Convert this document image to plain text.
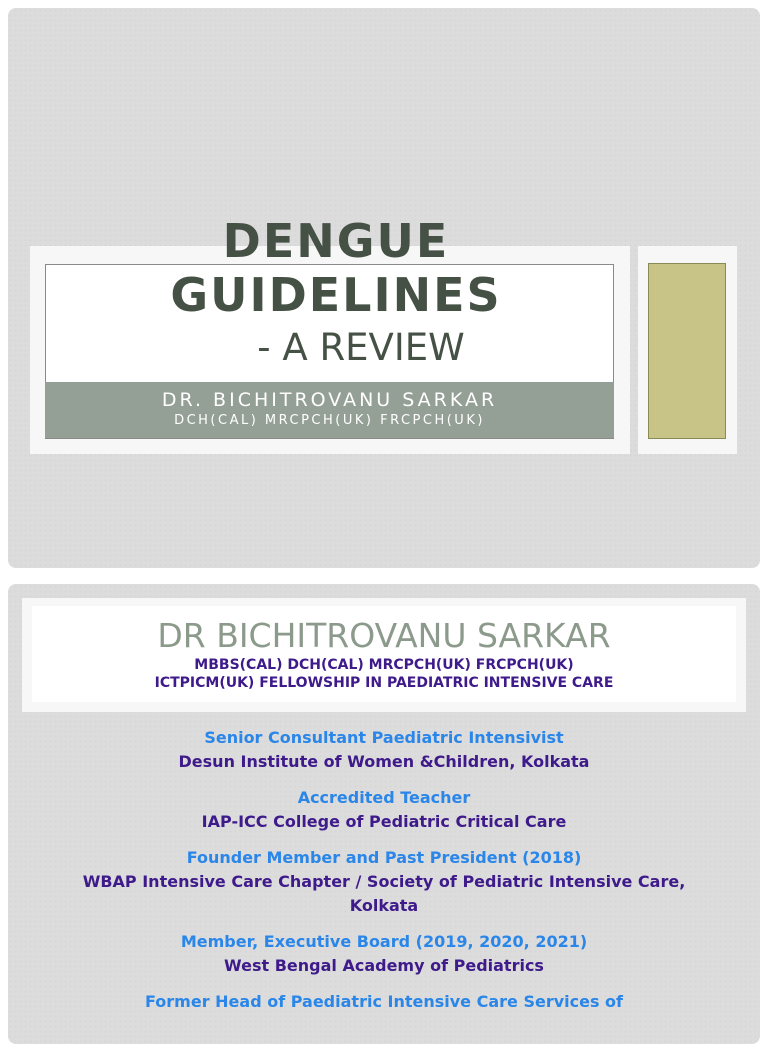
DR. BICHITROVANU SARKAR
DCH(CAL) MRCPCH(UK) FRCPCH(UK)
DENGUE
GUIDELINES
- A REVIEW
DR BICHITROVANU SARKAR
MBBS(CAL) DCH(CAL) MRCPCH(UK) FRCPCH(UK)
ICTPICM(UK) FELLOWSHIP IN PAEDIATRIC INTENSIVE CARE
Senior Consultant Paediatric Intensivist
Desun Institute of Women &Children, Kolkata
Accredited Teacher
IAP-ICC College of Pediatric Critical Care
Founder Member and Past President (2018)
WBAP Intensive Care Chapter / Society of Pediatric Intensive Care, Kolkata
Member, Executive Board (2019, 2020, 2021)
West Bengal Academy of Pediatrics
Former Head of Paediatric Intensive Care Services of
